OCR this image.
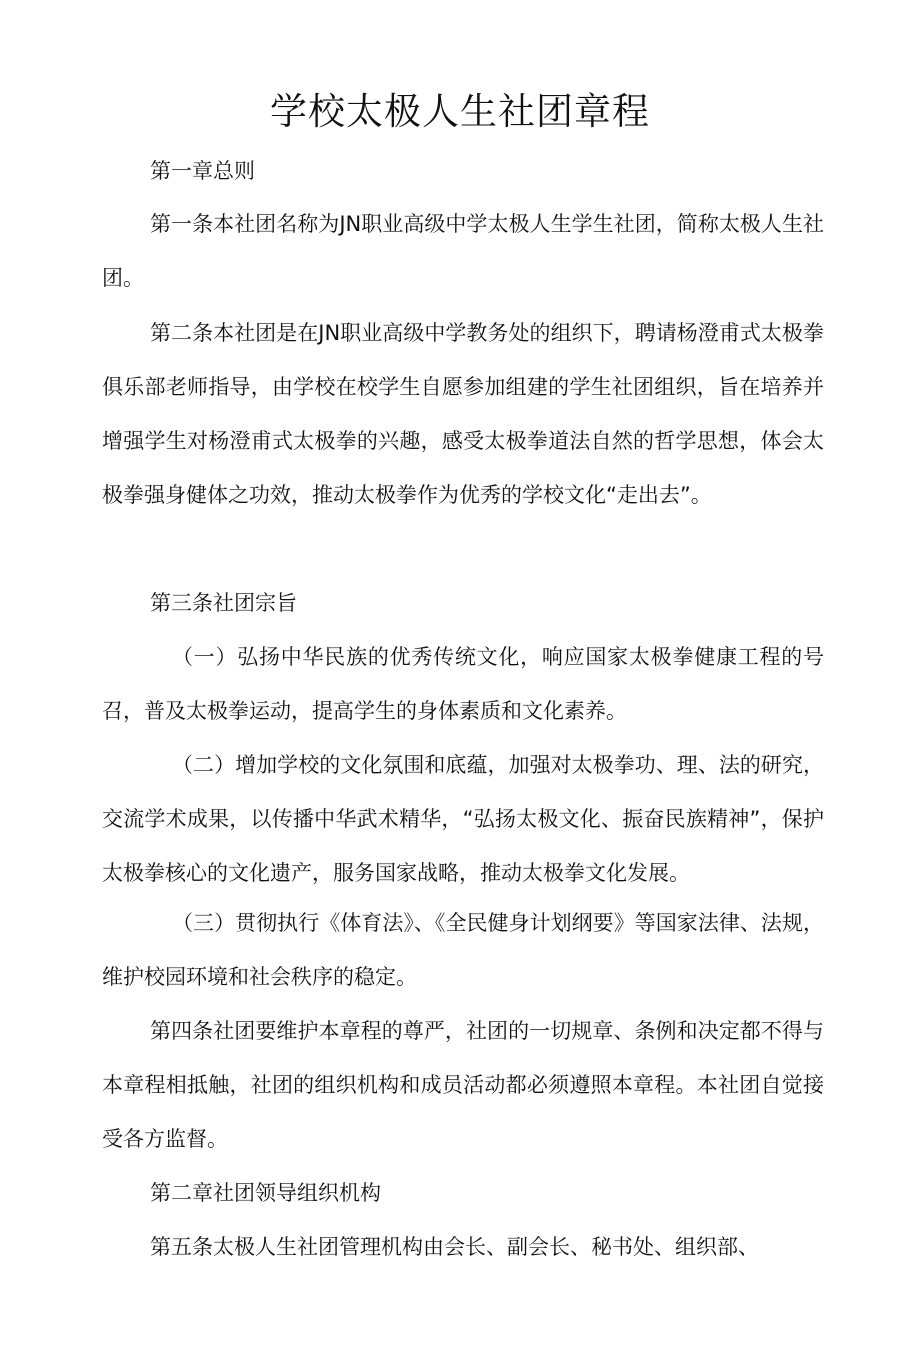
学校太极人生社团章程

第一章总则

第一条本社团名称为JN职业高级中学太极人生学生社团，简称太极人生社团。

第二条本社团是在JN职业高级中学教务处的组织下，聘请杨澄甫式太极拳俱乐部老师指导，由学校在校学生自愿参加组建的学生社团组织，旨在培养并增强学生对杨澄甫式太极拳的兴趣，感受太极拳道法自然的哲学思想，体会太极拳强身健体之功效，推动太极拳作为优秀的学校文化“走出去”。

第三条社团宗旨

（一）弘扬中华民族的优秀传统文化，响应国家太极拳健康工程的号召，普及太极拳运动，提高学生的身体素质和文化素养。

（二）增加学校的文化氛围和底蕴，加强对太极拳功、理、法的研究，交流学术成果，以传播中华武术精华，“弘扬太极文化、振奋民族精神”，保护太极拳核心的文化遗产，服务国家战略，推动太极拳文化发展。

（三）贯彻执行《体育法》、《全民健身计划纲要》等国家法律、法规，维护校园环境和社会秩序的稳定。

第四条社团要维护本章程的尊严，社团的一切规章、条例和决定都不得与本章程相抵触，社团的组织机构和成员活动都必须遵照本章程。本社团自觉接受各方监督。

第二章社团领导组织机构

第五条太极人生社团管理机构由会长、副会长、秘书处、组织部、
